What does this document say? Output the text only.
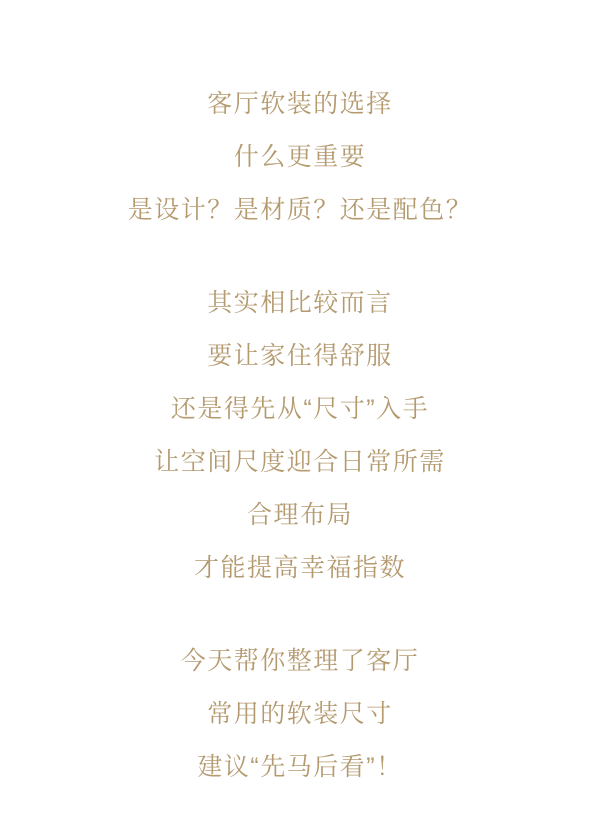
客厅软装的选择
什么更重要
是设计？是材质？还是配色？
其实相比较而言
要让家住得舒服
还是得先从“尺寸”入手
让空间尺度迎合日常所需
合理布局
才能提高幸福指数
今天帮你整理了客厅
常用的软装尺寸
建议“先马后看”！
